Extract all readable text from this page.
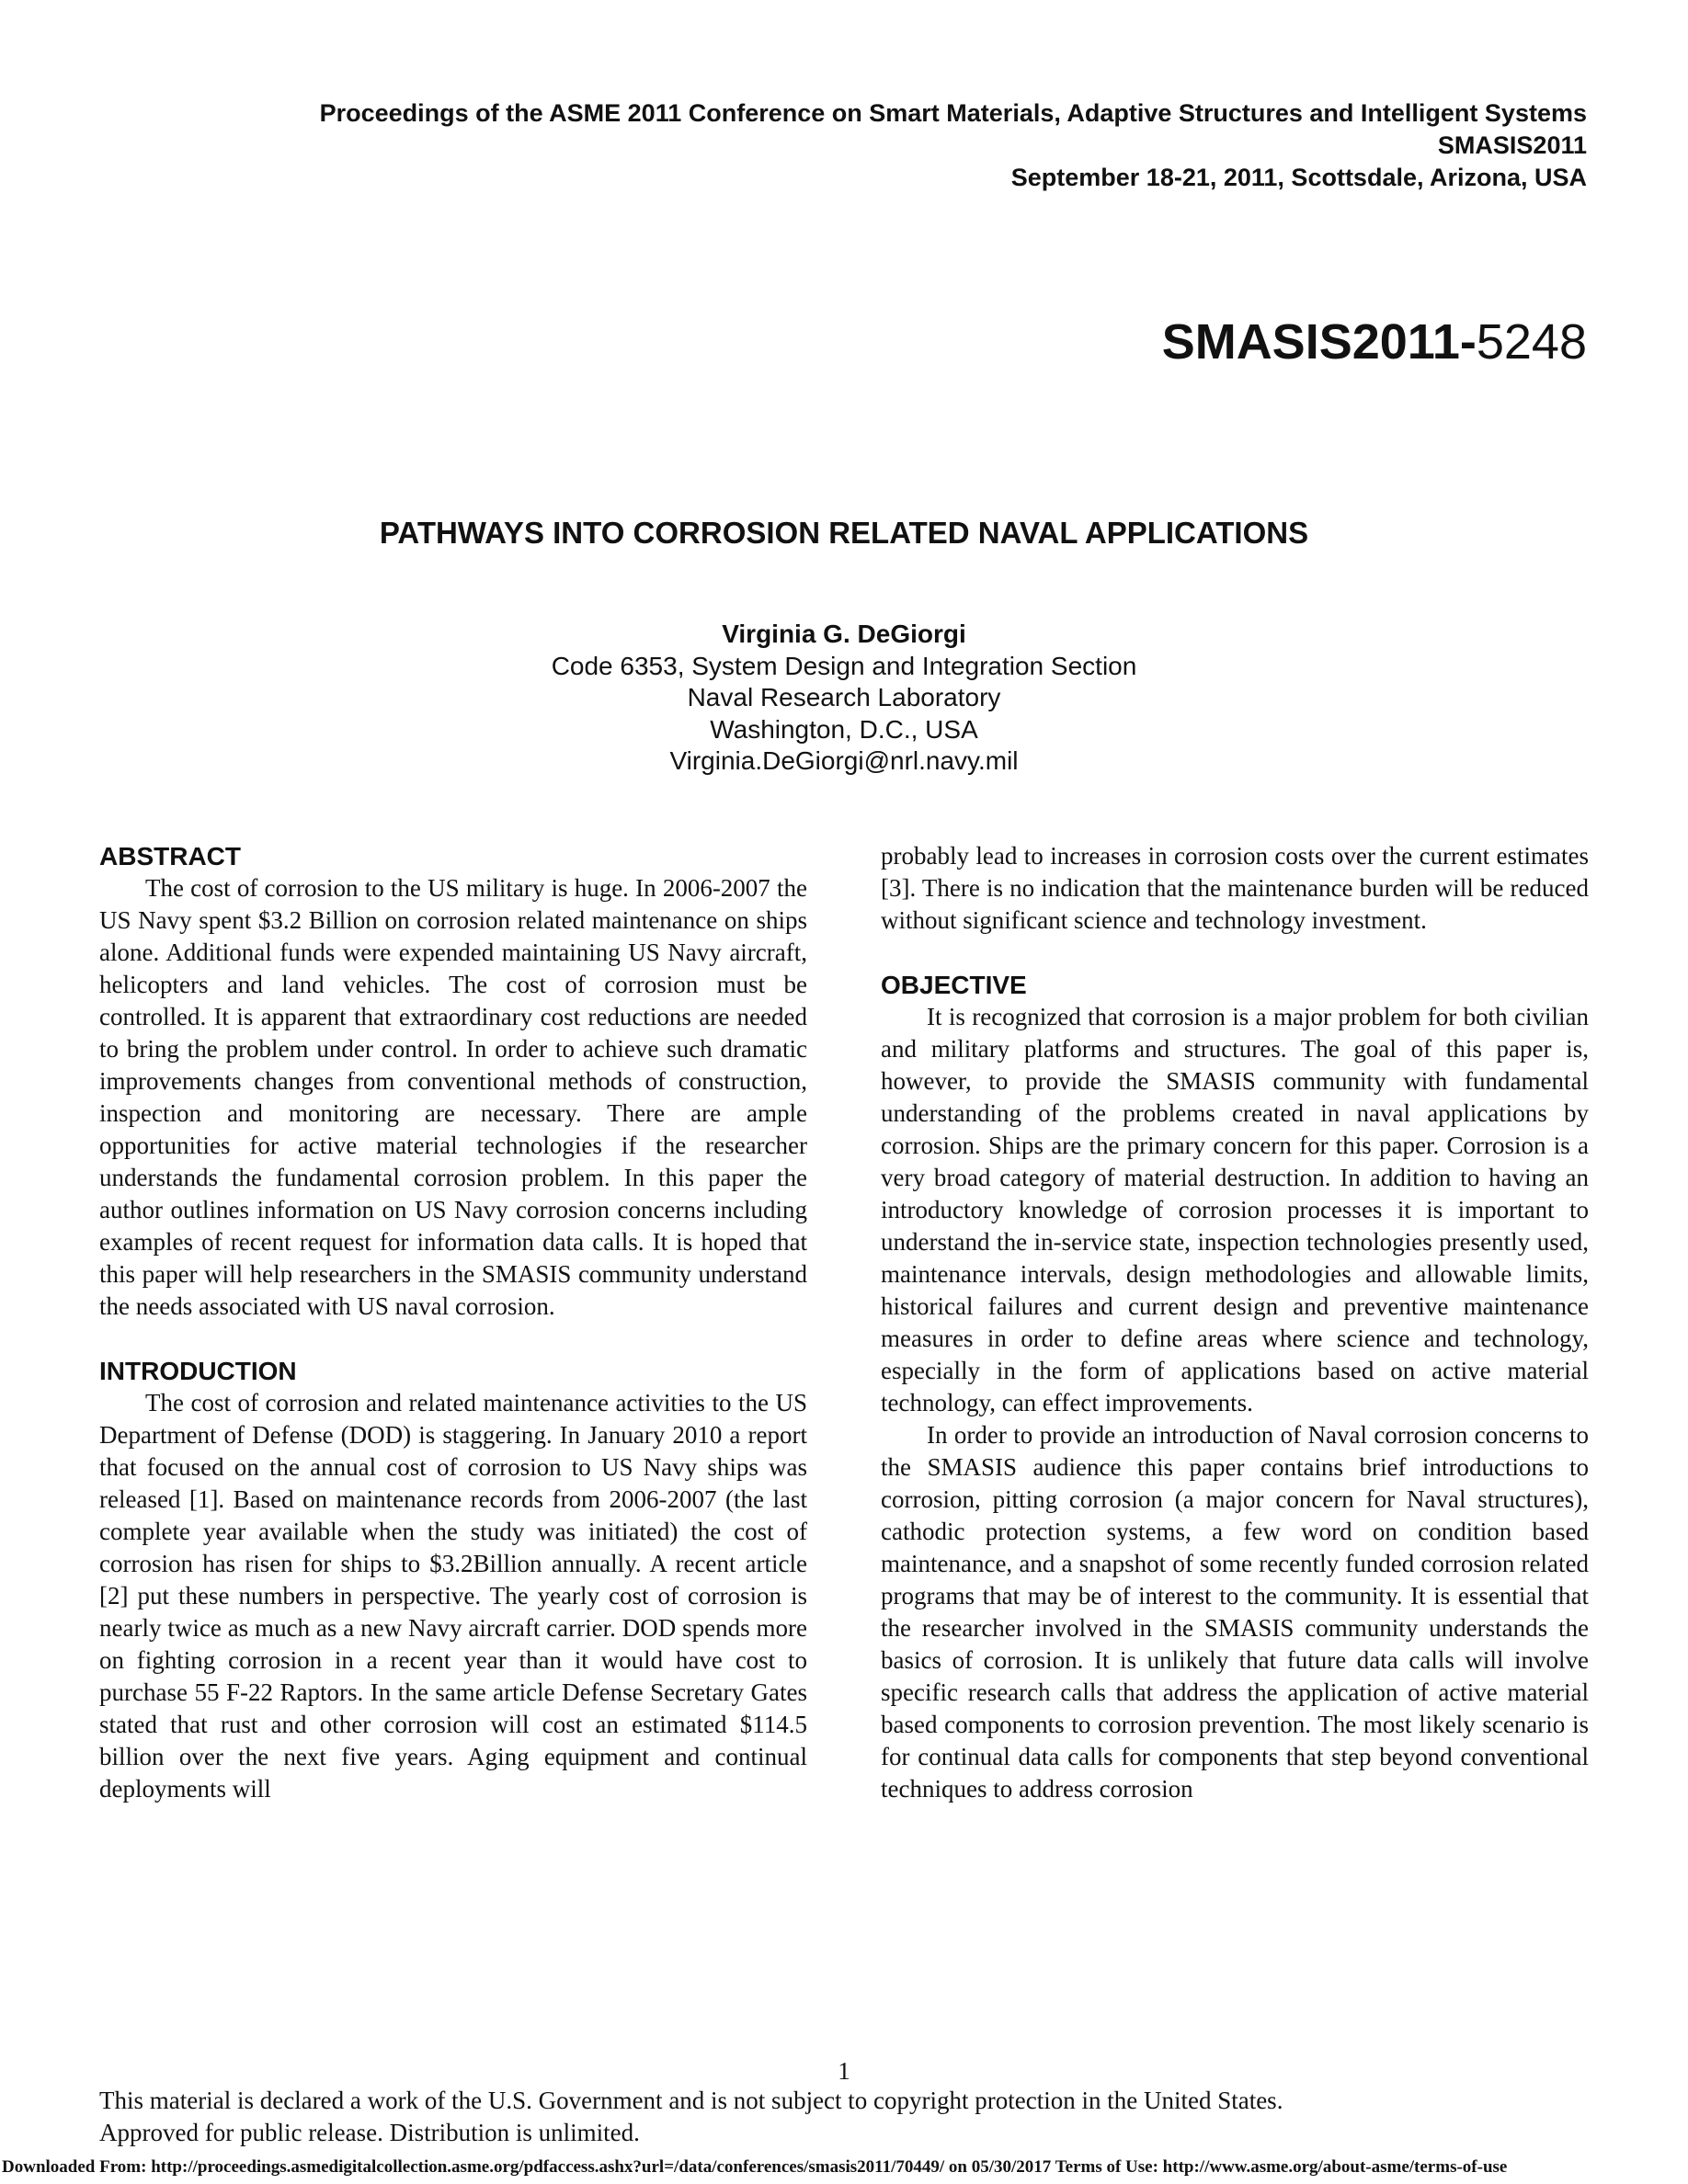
Proceedings of the ASME 2011 Conference on Smart Materials, Adaptive Structures and Intelligent Systems
SMASIS2011
September 18-21, 2011, Scottsdale, Arizona, USA
SMASIS2011-5248
PATHWAYS INTO CORROSION RELATED NAVAL APPLICATIONS
Virginia G. DeGiorgi
Code 6353, System Design and Integration Section
Naval Research Laboratory
Washington, D.C., USA
Virginia.DeGiorgi@nrl.navy.mil
ABSTRACT

The cost of corrosion to the US military is huge. In 2006-2007 the US Navy spent $3.2 Billion on corrosion related maintenance on ships alone. Additional funds were expended maintaining US Navy aircraft, helicopters and land vehicles. The cost of corrosion must be controlled. It is apparent that extraordinary cost reductions are needed to bring the problem under control. In order to achieve such dramatic improvements changes from conventional methods of construction, inspection and monitoring are necessary. There are ample opportunities for active material technologies if the researcher understands the fundamental corrosion problem. In this paper the author outlines information on US Navy corrosion concerns including examples of recent request for information data calls. It is hoped that this paper will help researchers in the SMASIS community understand the needs associated with US naval corrosion.

INTRODUCTION

The cost of corrosion and related maintenance activities to the US Department of Defense (DOD) is staggering. In January 2010 a report that focused on the annual cost of corrosion to US Navy ships was released [1]. Based on maintenance records from 2006-2007 (the last complete year available when the study was initiated) the cost of corrosion has risen for ships to $3.2Billion annually. A recent article [2] put these numbers in perspective. The yearly cost of corrosion is nearly twice as much as a new Navy aircraft carrier. DOD spends more on fighting corrosion in a recent year than it would have cost to purchase 55 F-22 Raptors. In the same article Defense Secretary Gates stated that rust and other corrosion will cost an estimated $114.5 billion over the next five years. Aging equipment and continual deployments will

probably lead to increases in corrosion costs over the current estimates [3]. There is no indication that the maintenance burden will be reduced without significant science and technology investment.

OBJECTIVE

It is recognized that corrosion is a major problem for both civilian and military platforms and structures. The goal of this paper is, however, to provide the SMASIS community with fundamental understanding of the problems created in naval applications by corrosion. Ships are the primary concern for this paper. Corrosion is a very broad category of material destruction. In addition to having an introductory knowledge of corrosion processes it is important to understand the in-service state, inspection technologies presently used, maintenance intervals, design methodologies and allowable limits, historical failures and current design and preventive maintenance measures in order to define areas where science and technology, especially in the form of applications based on active material technology, can effect improvements.

In order to provide an introduction of Naval corrosion concerns to the SMASIS audience this paper contains brief introductions to corrosion, pitting corrosion (a major concern for Naval structures), cathodic protection systems, a few word on condition based maintenance, and a snapshot of some recently funded corrosion related programs that may be of interest to the community. It is essential that the researcher involved in the SMASIS community understands the basics of corrosion. It is unlikely that future data calls will involve specific research calls that address the application of active material based components to corrosion prevention. The most likely scenario is for continual data calls for components that step beyond conventional techniques to address corrosion

1
This material is declared a work of the U.S. Government and is not subject to copyright protection in the United States.
Approved for public release. Distribution is unlimited.
Downloaded From: http://proceedings.asmedigitalcollection.asme.org/pdfaccess.ashx?url=/data/conferences/smasis2011/70449/ on 05/30/2017 Terms of Use: http://www.asme.org/about-asme/terms-of-use
